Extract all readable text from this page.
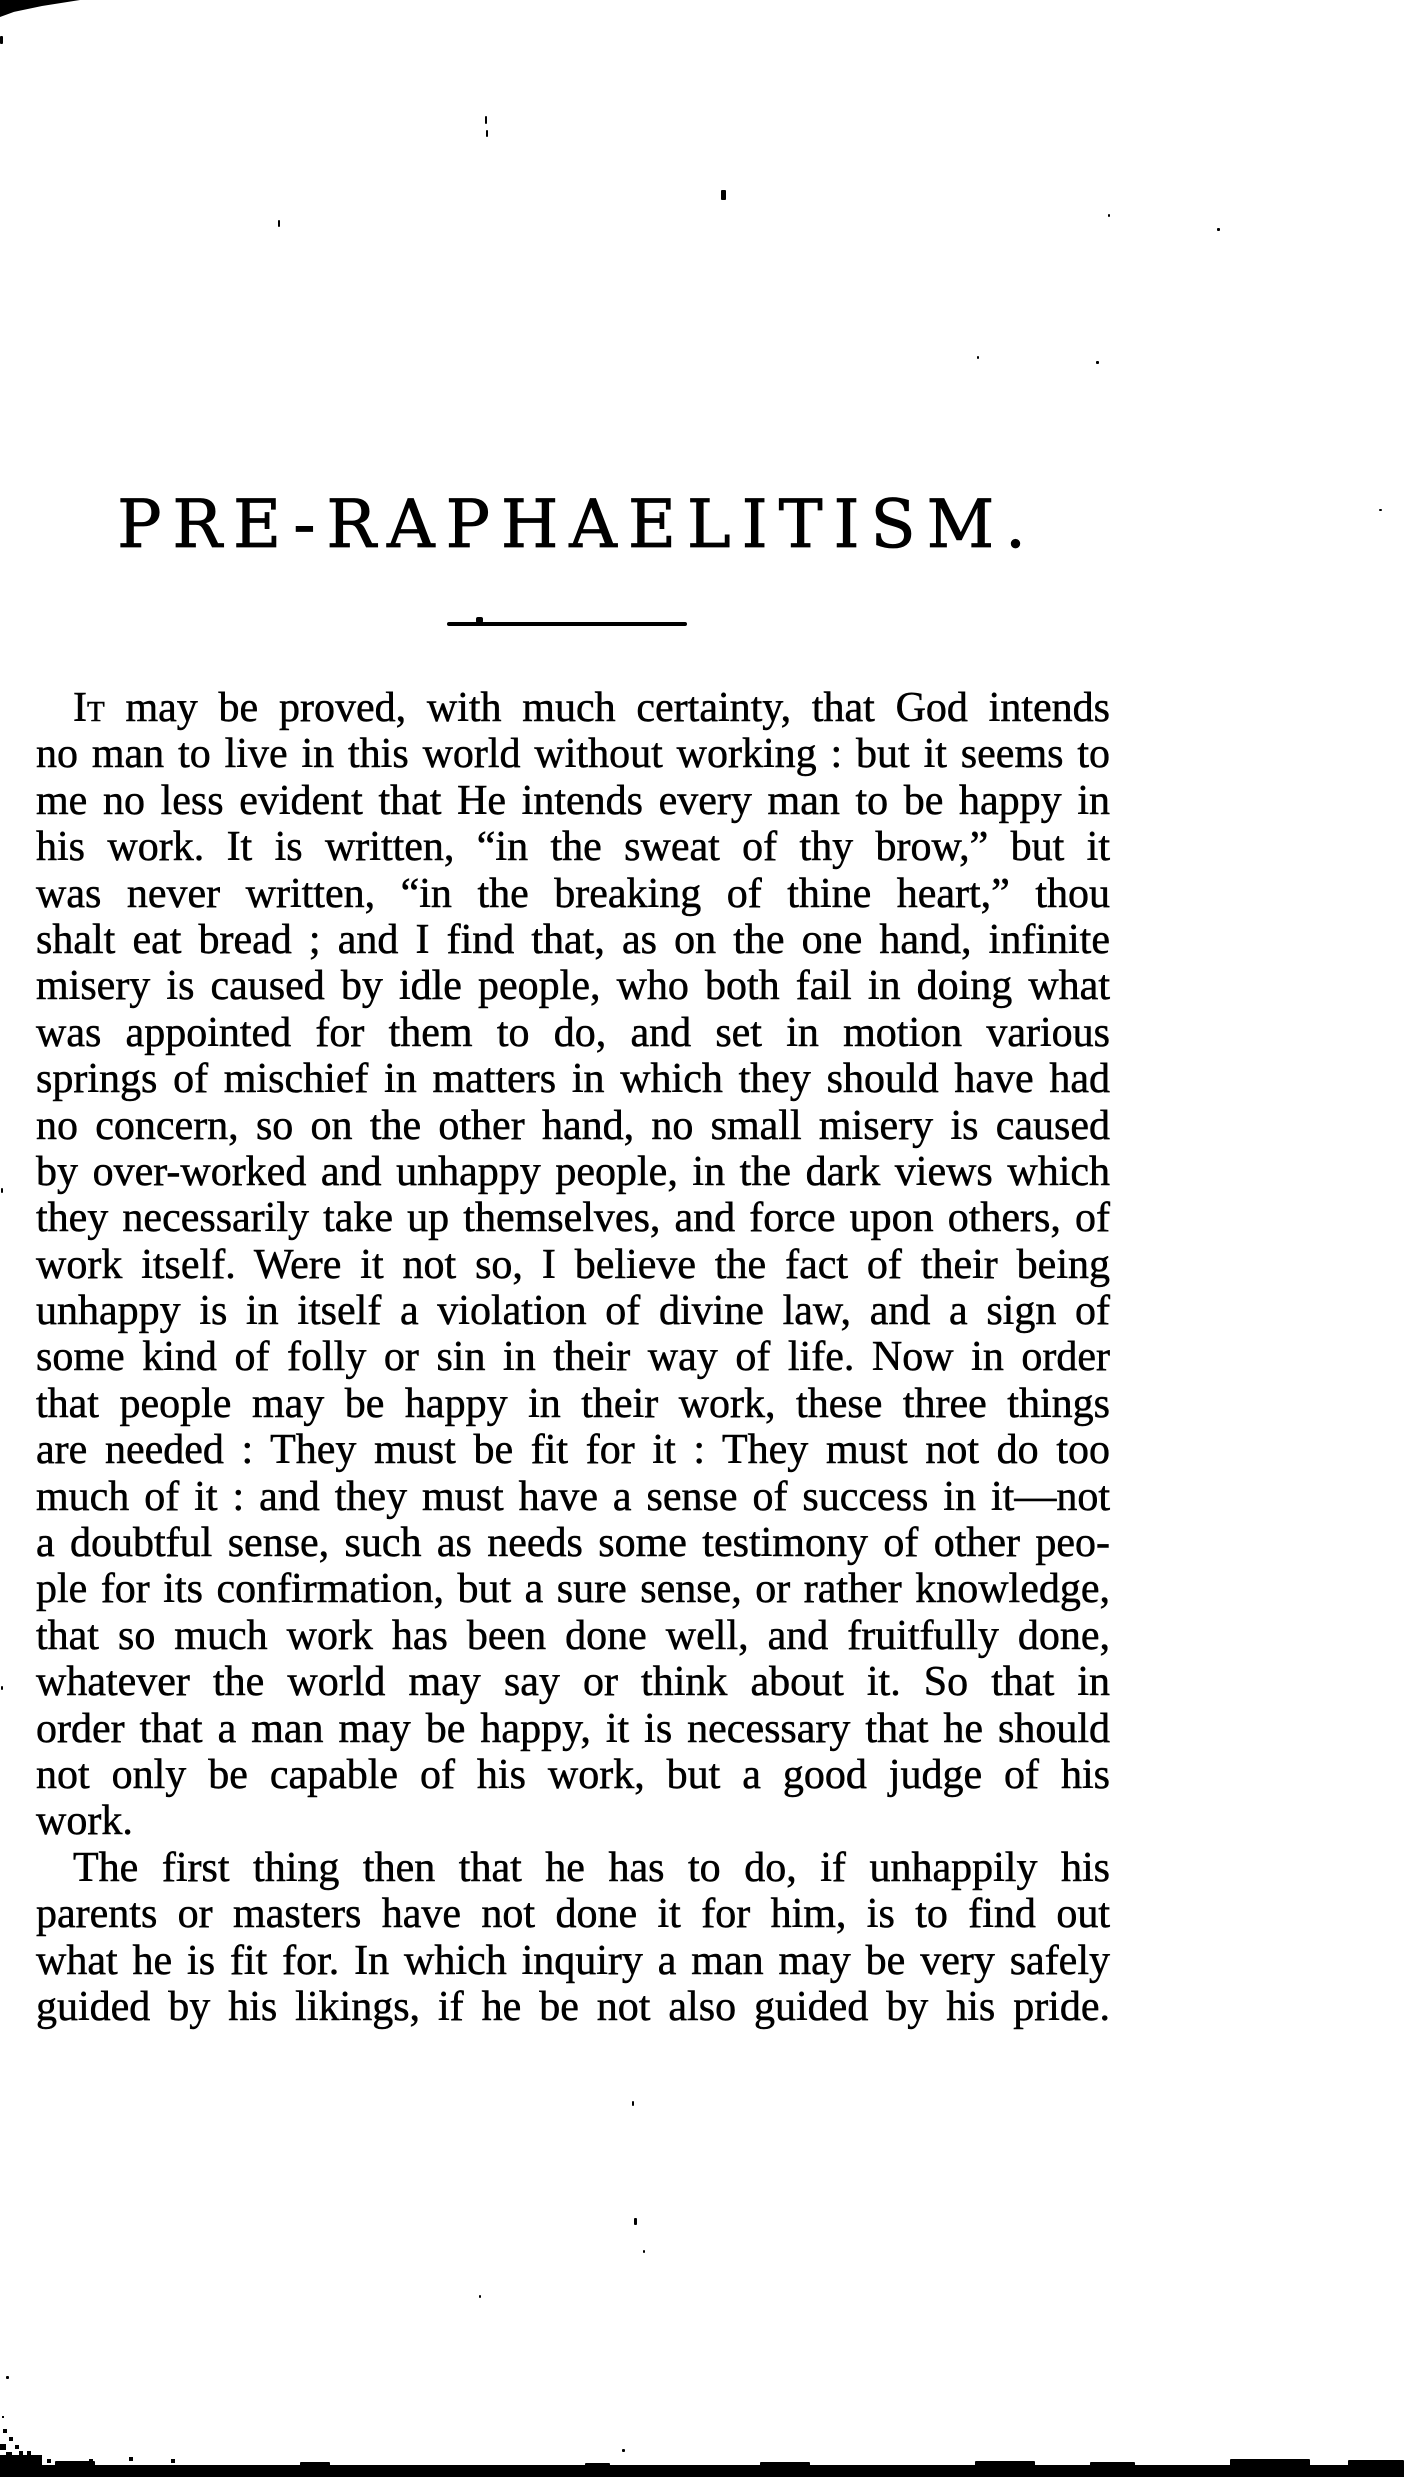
PRE-RAPHAELITISM.
It may be proved, with much certainty, that God intends
no man to live in this world without working : but it seems to
me no less evident that He intends every man to be happy in
his work. It is written, “in the sweat of thy brow,” but it
was never written, “in the breaking of thine heart,” thou
shalt eat bread ; and I find that, as on the one hand, infinite
misery is caused by idle people, who both fail in doing what
was appointed for them to do, and set in motion various
springs of mischief in matters in which they should have had
no concern, so on the other hand, no small misery is caused
by over-worked and unhappy people, in the dark views which
they necessarily take up themselves, and force upon others, of
work itself. Were it not so, I believe the fact of their being
unhappy is in itself a violation of divine law, and a sign of
some kind of folly or sin in their way of life. Now in order
that people may be happy in their work, these three things
are needed : They must be fit for it : They must not do too
much of it : and they must have a sense of success in it—not
a doubtful sense, such as needs some testimony of other peo-
ple for its confirmation, but a sure sense, or rather knowledge,
that so much work has been done well, and fruitfully done,
whatever the world may say or think about it. So that in
order that a man may be happy, it is necessary that he should
not only be capable of his work, but a good judge of his
work.
The first thing then that he has to do, if unhappily his
parents or masters have not done it for him, is to find out
what he is fit for. In which inquiry a man may be very safely
guided by his likings, if he be not also guided by his pride.
